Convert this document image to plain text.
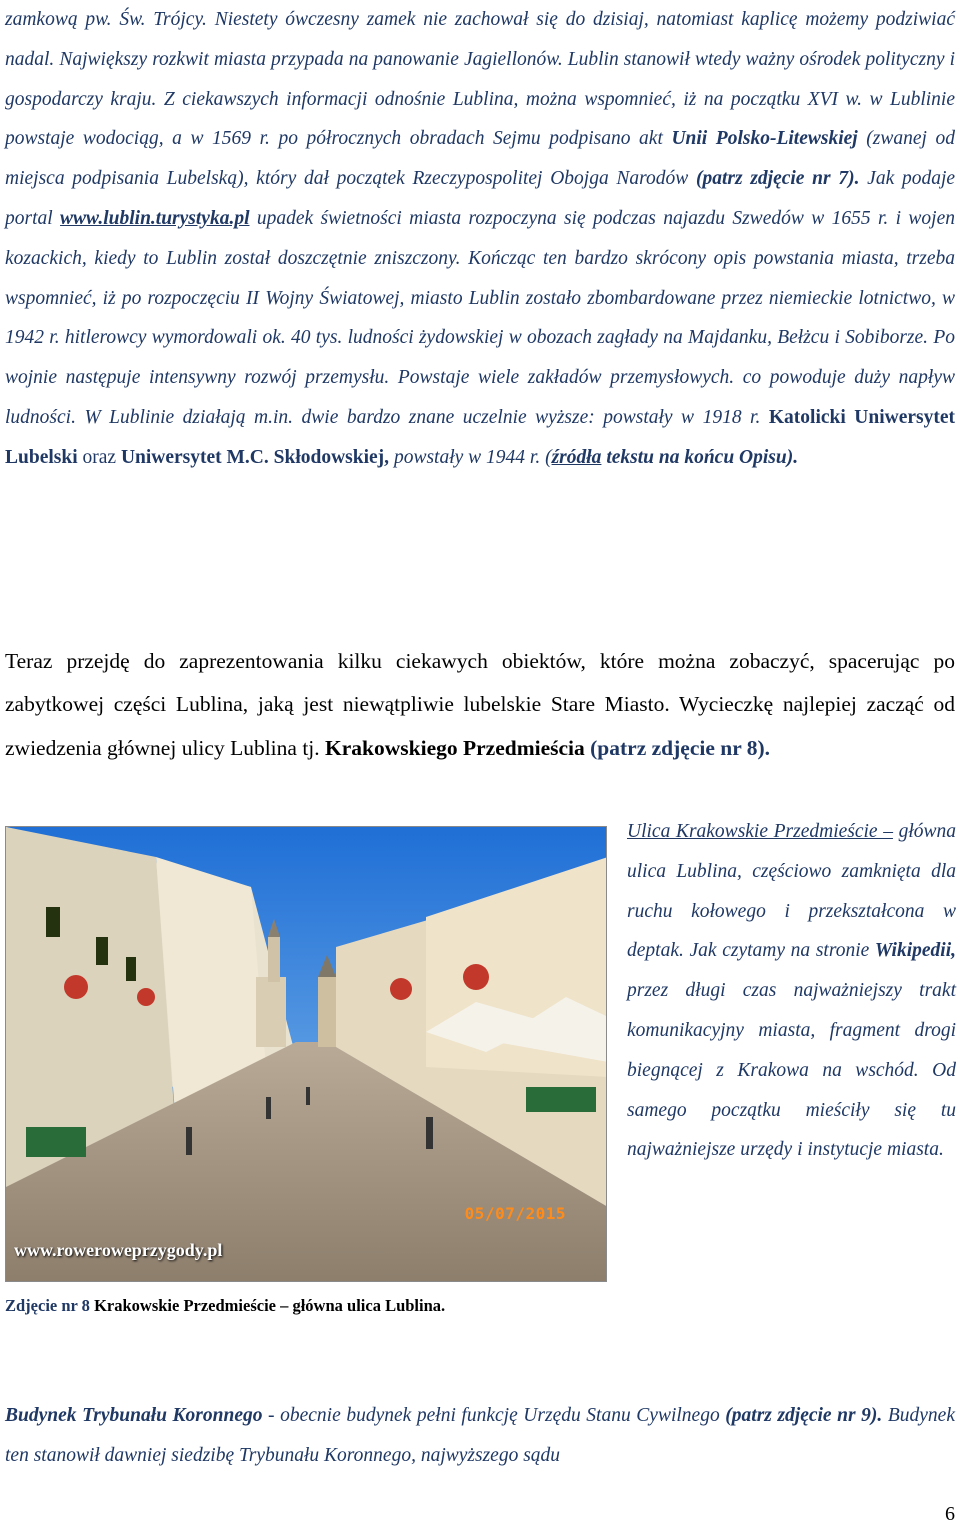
zamkową pw. Św. Trójcy. Niestety ówczesny zamek nie zachował się do dzisiaj, natomiast kaplicę możemy podziwiać nadal. Największy rozkwit miasta przypada na panowanie Jagiellonów. Lublin stanowił wtedy ważny ośrodek polityczny i gospodarczy kraju. Z ciekawszych informacji odnośnie Lublina, można wspomnieć, iż na początku XVI w. w Lublinie powstaje wodociąg, a w 1569 r. po półrocznych obradach Sejmu podpisano akt Unii Polsko-Litewskiej (zwanej od miejsca podpisania Lubelską), który dał początek Rzeczypospolitej Obojga Narodów (patrz zdjęcie nr 7). Jak podaje portal www.lublin.turystyka.pl upadek świetności miasta rozpoczyna się podczas najazdu Szwedów w 1655 r. i wojen kozackich, kiedy to Lublin został doszczętnie zniszczony. Kończąc ten bardzo skrócony opis powstania miasta, trzeba wspomnieć, iż po rozpoczęciu II Wojny Światowej, miasto Lublin zostało zbombardowane przez niemieckie lotnictwo, w 1942 r. hitlerowcy wymordowali ok. 40 tys. ludności żydowskiej w obozach zagłady na Majdanku, Bełżcu i Sobiborze. Po wojnie następuje intensywny rozwój przemysłu. Powstaje wiele zakładów przemysłowych. co powoduje duży napływ ludności. W Lublinie działają m.in. dwie bardzo znane uczelnie wyższe: powstały w 1918 r. Katolicki Uniwersytet Lubelski oraz Uniwersytet M.C. Skłodowskiej, powstały w 1944 r. (źródła tekstu na końcu Opisu).

Teraz przejdę do zaprezentowania kilku ciekawych obiektów, które można zobaczyć, spacerując po zabytkowej części Lublina, jaką jest niewątpliwie lubelskie Stare Miasto. Wycieczkę najlepiej zacząć od zwiedzenia głównej ulicy Lublina tj. Krakowskiego Przedmieścia (patrz zdjęcie nr 8).

www.roweroweprzygody.pl
05/07/2015
Zdjęcie nr 8 Krakowskie Przedmieście – główna ulica Lublina.

Ulica Krakowskie Przedmieście – główna ulica Lublina, częściowo zamknięta dla ruchu kołowego i przekształcona w deptak. Jak czytamy na stronie Wikipedii, przez długi czas najważniejszy trakt komunikacyjny miasta, fragment drogi biegnącej z Krakowa na wschód. Od samego początku mieściły się tu najważniejsze urzędy i instytucje miasta.

Budynek Trybunału Koronnego - obecnie budynek pełni funkcję Urzędu Stanu Cywilnego (patrz zdjęcie nr 9). Budynek ten stanowił dawniej siedzibę Trybunału Koronnego, najwyższego sądu

6
